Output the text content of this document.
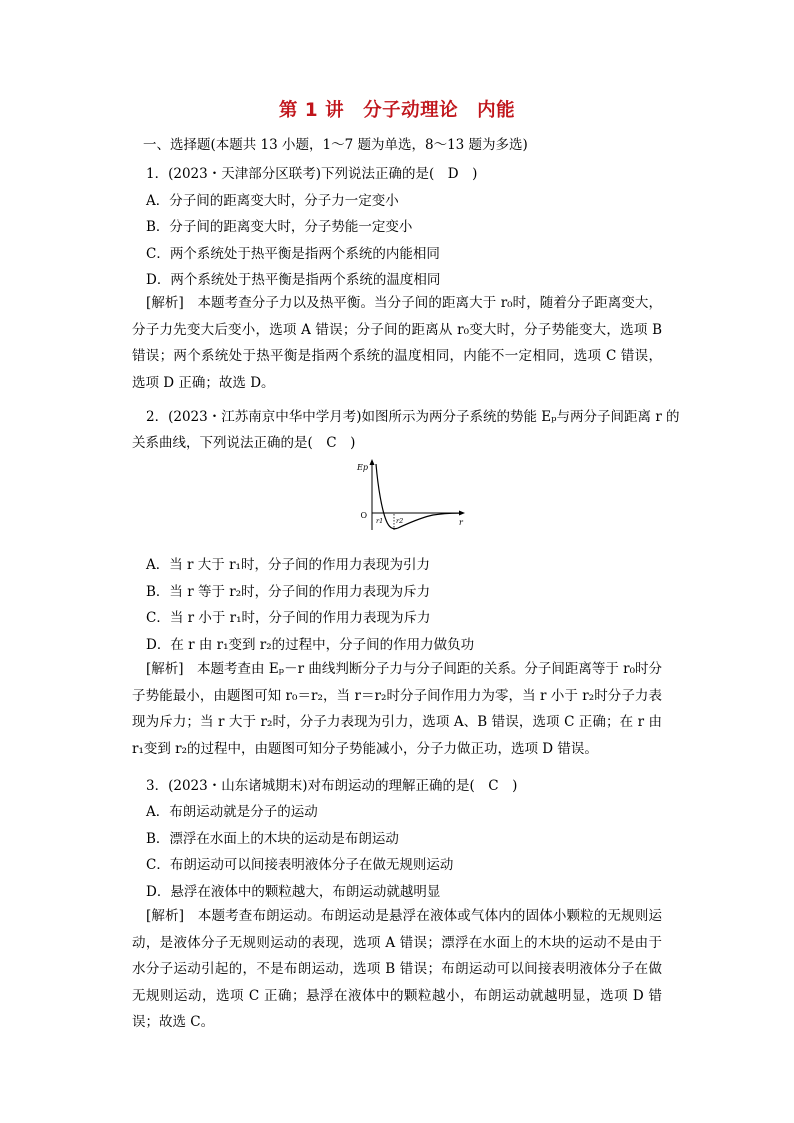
第 1 讲　分子动理论　内能
一、选择题(本题共 13 小题，1～7 题为单选，8～13 题为多选)
1．(2023・天津部分区联考)下列说法正确的是(　D　)
A．分子间的距离变大时，分子力一定变小
B．分子间的距离变大时，分子势能一定变小
C．两个系统处于热平衡是指两个系统的内能相同
D．两个系统处于热平衡是指两个系统的温度相同
[解析]　本题考查分子力以及热平衡。当分子间的距离大于 r₀时，随着分子距离变大，分子力先变大后变小，选项 A 错误；分子间的距离从 r₀变大时，分子势能变大，选项 B 错误；两个系统处于热平衡是指两个系统的温度相同，内能不一定相同，选项 C 错误，选项 D 正确；故选 D。
2．(2023・江苏南京中华中学月考)如图所示为两分子系统的势能 Eₚ与两分子间距离 r 的
关系曲线，下列说法正确的是(　C　)
Ep
O
r
r1 r2
A．当 r 大于 r₁时，分子间的作用力表现为引力
B．当 r 等于 r₂时，分子间的作用力表现为斥力
C．当 r 小于 r₁时，分子间的作用力表现为斥力
D．在 r 由 r₁变到 r₂的过程中，分子间的作用力做负功
[解析]　本题考查由 Eₚ－r 曲线判断分子力与分子间距的关系。分子间距离等于 r₀时分子势能最小，由题图可知 r₀＝r₂，当 r＝r₂时分子间作用力为零，当 r 小于 r₂时分子力表现为斥力；当 r 大于 r₂时，分子力表现为引力，选项 A、B 错误，选项 C 正确；在 r 由 r₁变到 r₂的过程中，由题图可知分子势能减小，分子力做正功，选项 D 错误。
3．(2023・山东诸城期末)对布朗运动的理解正确的是(　C　)
A．布朗运动就是分子的运动
B．漂浮在水面上的木块的运动是布朗运动
C．布朗运动可以间接表明液体分子在做无规则运动
D．悬浮在液体中的颗粒越大，布朗运动就越明显
[解析]　本题考查布朗运动。布朗运动是悬浮在液体或气体内的固体小颗粒的无规则运动，是液体分子无规则运动的表现，选项 A 错误；漂浮在水面上的木块的运动不是由于水分子运动引起的，不是布朗运动，选项 B 错误；布朗运动可以间接表明液体分子在做无规则运动，选项 C 正确；悬浮在液体中的颗粒越小，布朗运动就越明显，选项 D 错误；故选 C。
